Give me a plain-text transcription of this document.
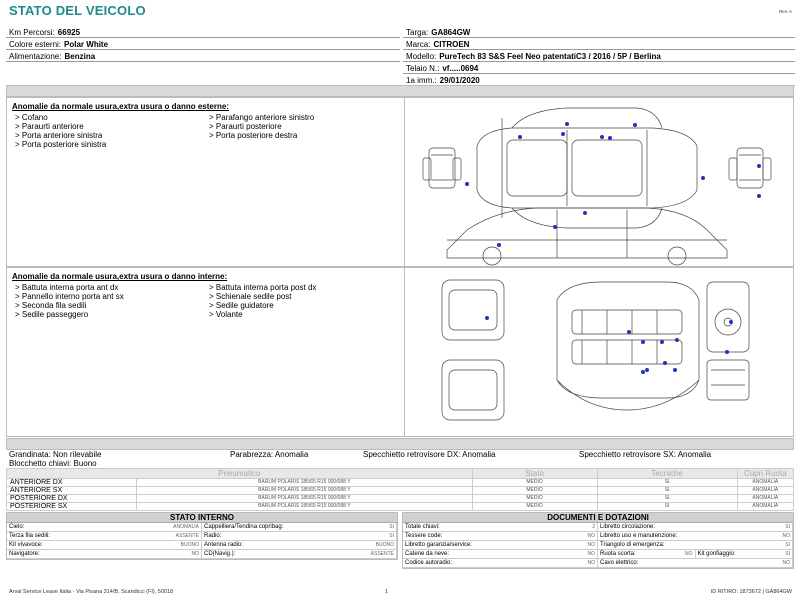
STATO DEL VEICOLO	Rev. A
Km Percorsi: 66925
Colore esterni: Polar White
Alimentazione: Benzina
Targa: GA864GW
Marca: CITROEN
Modello: PureTech 83 S&S Feel Neo patentatiC3 / 2016 / 5P / Berlina
Telaio N.: vf.....0694
1a imm.: 29/01/2020
Anomalie da normale usura,extra usura o danno esterne:
> Cofano	> Parafango anteriore sinistro
> Paraurti anteriore	> Paraurti posteriore
> Porta anteriore sinistra	> Porta posteriore destra
> Porta posteriore sinistra
Anomalie da normale usura,extra usura o danno interne:
> Battuta interna porta ant dx	> Battuta interna porta post dx
> Pannello interno porta ant sx	> Schienale sedile post
> Seconda fila sedili	> Sedile guidatore
> Sedile passeggero	> Volante
Grandinata: Non rilevabile	Parabrezza: Anomalia	Specchietto retrovisore DX: Anomalia	Specchietto retrovisore SX: Anomalia
Blocchetto chiavi: Buono
Pneumatico		Stato	Tecniche	Copri Ruota
ANTERIORE DX	BARUM POLARIS 185/65 R15 000/088 Y	MEDIO	SI	ANOMALIA
ANTERIORE SX	BARUM POLARIS 185/65 R15 000/088 Y	MEDIO	SI	ANOMALIA
POSTERIORE DX	BARUM POLARIS 185/65 R15 000/088 Y	MEDIO	SI	ANOMALIA
POSTERIORE SX	BARUM POLARIS 185/65 R15 000/088 Y	MEDIO	SI	ANOMALIA
STATO INTERNO
Cielo:	ANOMALIA Cappelliera/Tendina copribag:	SI
Terza fila sedili:	ASSENTE Radio:	SI
Kit vivavoce:	BUONO Antenna radio:	BUONO
Navigatore:	NO CD(Navig.):	ASSENTE
DOCUMENTI E DOTAZIONI
Totale chiavi:	2 Libretto circolazione:	SI
Tessere code:	NO Libretto uso e manutenzione:	NO
Libretto garanzia/service:	NO Triangolo di emergenza:	SI
Catene da neve:	NO Ruota scorta:	NO Kit gonfiaggio:	SI
Codice autoradio:	NO Cavo elettrico:	NO
Arval Service Lease Italia - Via Pisana 314/B, Scandicci (FI), 50018	1	ID RITIRO: 1873672 | GA864GW
